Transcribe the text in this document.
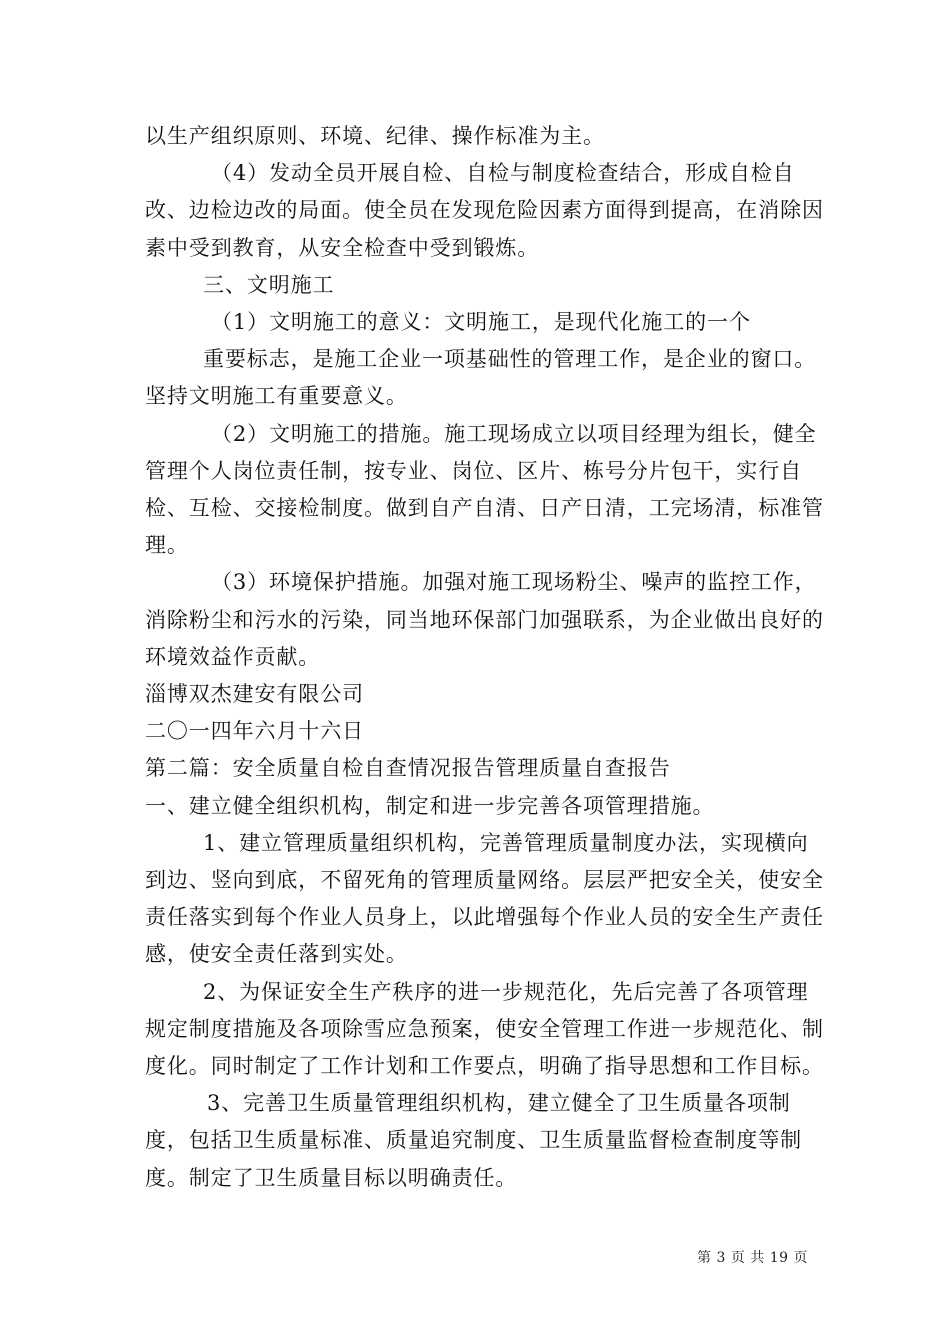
以生产组织原则、环境、纪律、操作标准为主。

（4）发动全员开展自检、自检与制度检查结合，形成自检自改、边检边改的局面。使全员在发现危险因素方面得到提高，在消除因素中受到教育，从安全检查中受到锻炼。

三、文明施工

（1）文明施工的意义：文明施工，是现代化施工的一个

重要标志，是施工企业一项基础性的管理工作，是企业的窗口。坚持文明施工有重要意义。

（2）文明施工的措施。施工现场成立以项目经理为组长，健全管理个人岗位责任制，按专业、岗位、区片、栋号分片包干，实行自检、互检、交接检制度。做到自产自清、日产日清，工完场清，标准管理。

（3）环境保护措施。加强对施工现场粉尘、噪声的监控工作，消除粉尘和污水的污染，同当地环保部门加强联系，为企业做出良好的环境效益作贡献。

淄博双杰建安有限公司

二〇一四年六月十六日

第二篇：安全质量自检自查情况报告管理质量自查报告

一、建立健全组织机构，制定和进一步完善各项管理措施。

1、建立管理质量组织机构，完善管理质量制度办法，实现横向到边、竖向到底，不留死角的管理质量网络。层层严把安全关，使安全责任落实到每个作业人员身上，以此增强每个作业人员的安全生产责任感，使安全责任落到实处。

2、为保证安全生产秩序的进一步规范化，先后完善了各项管理规定制度措施及各项除雪应急预案，使安全管理工作进一步规范化、制度化。同时制定了工作计划和工作要点，明确了指导思想和工作目标。

3、完善卫生质量管理组织机构，建立健全了卫生质量各项制度，包括卫生质量标准、质量追究制度、卫生质量监督检查制度等制度。制定了卫生质量目标以明确责任。

第 3 页 共 19 页
